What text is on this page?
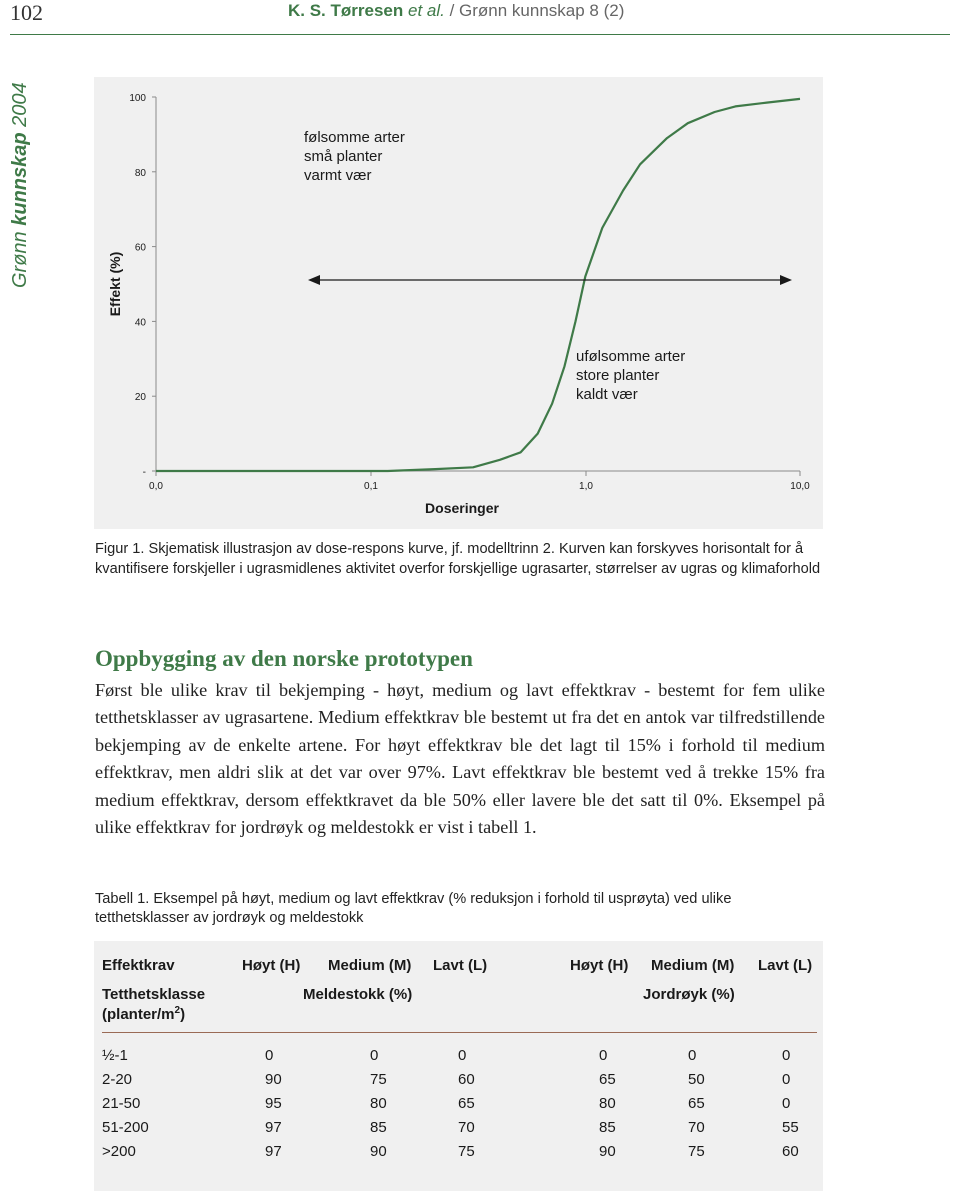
102	K. S. Tørresen et al. / Grønn kunnskap 8 (2)
Grønn kunnskap 2004	100
80
60
40
20
-
0,0	0,1	1,0	10,0
Effekt (%)
Doseringer
følsomme arter
små planter
varmt vær
ufølsomme arter
store planter
kaldt vær
Figur 1. Skjematisk illustrasjon av dose-respons kurve, jf. modelltrinn 2. Kurven kan forskyves horisontalt for å kvantifisere forskjeller i ugrasmidlenes aktivitet overfor forskjellige ugrasarter, størrelser av ugras og klimaforhold
Oppbygging av den norske prototypen
Først ble ulike krav til bekjemping - høyt, medium og lavt effektkrav - bestemt for fem ulike tetthetsklasser av ugrasartene. Medium effektkrav ble bestemt ut fra det en antok var tilfredstillende bekjemping av de enkelte artene. For høyt effektkrav ble det lagt til 15% i forhold til medium effektkrav, men aldri slik at det var over 97%. Lavt effektkrav ble bestemt ved å trekke 15% fra medium effektkrav, dersom effektkravet da ble 50% eller lavere ble det satt til 0%. Eksempel på ulike effektkrav for jordrøyk og meldestokk er vist i tabell 1.
Tabell 1. Eksempel på høyt, medium og lavt effektkrav (% reduksjon i forhold til usprøyta) ved ulike tetthetsklasser av jordrøyk og meldestokk
Effektkrav	Høyt (H) Medium (M) Lavt (L)	Høyt (H) Medium (M) Lavt (L)
Tetthetsklasse
$(planter/m^2)$
Meldestokk (%)	Jordrøyk (%)
½-1	0	0	0	0	0	0
2-20	90	75	60	65	50	0
21-50	95	80	65	80	65	0
51-200	97	85	70	85	70	55
>200	97	90	75	90	75	60
